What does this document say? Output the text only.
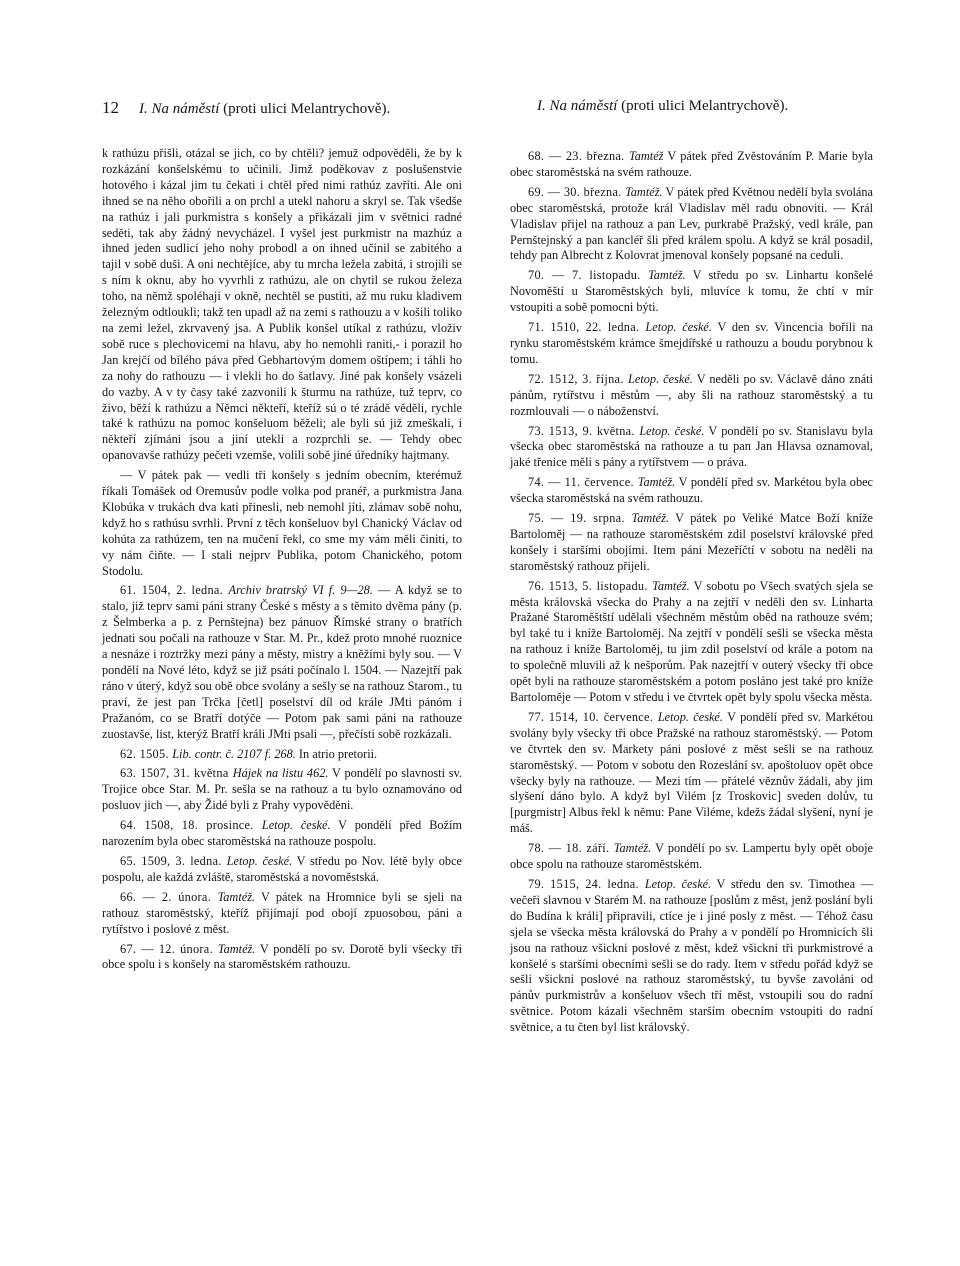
12 I. Na náměstí (proti ulici Melantrychově).	I. Na náměstí (proti ulici Melantrychově).

k rathúzu přišli, otázal se jich, co by chtěli? jemuž odpověděli, že by k rozkázání konšelskému to učinili. Jimž poděkovav z poslušenstvie hotového i kázal jim tu čekati i chtěl před nimi rathúz zavříti. Ale oni ihned se na něho obořili a on prchl a utekl nahoru a skryl se. Tak všedše na rathúz i jali purkmistra s konšely a přikázali jim v světnici radné seděti, tak aby žádný nevycházel. I vyšel jest purkmistr na mazhúz a ihned jeden sudlicí jeho nohy probodl a on ihned učinil se zabitého a tajil v sobě duši. A oni nechtějíce, aby tu mrcha ležela zabitá, i strojili se s ním k oknu, aby ho vyvrhli z rathúzu, ale on chytil se rukou železa toho, na němž spoléhají v okně, nechtěl se pustiti, až mu ruku kladivem železným odtloukli; takž ten upadl až na zemi s rathouzu a v košili toliko na zemi ležel, zkrvavený jsa. A Publik konšel utíkal z rathúzu, vloživ sobě ruce s plechovicemi na hlavu, aby ho nemohli raniti,- i porazil ho Jan krejčí od bílého páva před Gebhartovým domem oštípem; i táhli ho za nohy do rathouzu — i vlekli ho do šatlavy. Jiné pak konšely vsázeli do vazby. A v ty časy také zazvonili k šturmu na rathúze, tuž teprv, co živo, běží k rathúzu a Němci někteří, kteříž sú o té zrádě věděli, rychle také k rathúzu na pomoc konšeluom běželi; ale byli sú již zmeškali, i někteří zjímáni jsou a jiní utekli a rozprchli se. — Tehdy obec opanovavše rathúzy pečeti vzemše, volili sobě jiné úředníky hajtmany.

— V pátek pak — vedli tři konšely s jedním obecním, kterémuž říkali Tomášek od Oremusův podle volka pod pranéř, a purkmistra Jana Klobúka v trukách dva kati přinesli, neb nemohl jíti, zlámav sobě nohu, když ho s rathúsu svrhli. První z těch konšeluov byl Chanický Václav od kohúta za rathúzem, ten na mučení řekl, co sme my vám měli činiti, to vy nám čiňte. — I stali nejprv Publika, potom Chanického, potom Stodolu.

61. 1504, 2. ledna. Archiv bratrský VI f. 9—28. — A když se to stalo, již teprv sami páni strany České s městy a s těmito dvěma pány (p. z Šelmberka a p. z Pernštejna) bez pánuov Římské strany o bratřích jednati sou počali na rathouze v Star. M. Pr., kdež proto mnohé ruoznice a nesnáze i roztržky mezi pány a městy, mistry a kněžími byly sou. — V pondělí na Nové léto, když se již psáti počínalo l. 1504. — Nazejtří pak ráno v úterý, když sou obě obce svolány a sešly se na rathouz Starom., tu praví, že jest pan Trčka [četl] poselství díl od krále JMti pánóm i Pražanóm, co se Bratří dotýče — Potom pak sami páni na rathouze zuostavše, list, kterýž Bratří králi JMti psali —, přečísti sobě rozkázali.

62. 1505. Lib. contr. č. 2107 f. 268. In atrio pretorii.

63. 1507, 31. května Hájek na listu 462. V pondělí po slavnosti sv. Trojice obce Star. M. Pr. sešla se na rathouz a tu bylo oznamováno od posluov jich —, aby Židé byli z Prahy vypověděni.

64. 1508, 18. prosince. Letop. české. V pondělí před Božím narozením byla obec staroměstská na rathouze pospolu.

65. 1509, 3. ledna. Letop. české. V středu po Nov. létě byly obce pospolu, ale každá zvláště, staroměstská a novoměstská.

66. — 2. února. Tamtéž. V pátek na Hromnice byli se sjeli na rathouz staroměstský, kteříž přijímají pod obojí zpuosobou, páni a rytířstvo i poslové z měst.

67. — 12. února. Tamtéž. V pondělí po sv. Dorotě byli všecky tři obce spolu i s konšely na staroměstském rathouzu.

68. — 23. března. Tamtéž V pátek před Zvěstováním P. Marie byla obec staroměstská na svém rathouze.

69. — 30. března. Tamtéž. V pátek před Květnou nedělí byla svolána obec staroměstská, protože král Vladislav měl radu obnoviti. — Král Vladislav přijel na rathouz a pan Lev, purkrabě Pražský, vedl krále, pan Pernštejnský a pan kancléř šli před králem spolu. A když se král posadil, tehdy pan Albrecht z Kolovrat jmenoval konšely popsané na ceduli.

70. — 7. listopadu. Tamtéž. V středu po sv. Linhartu konšelé Novoměští u Staroměstských byli, mluvíce k tomu, že chtí v mír vstoupiti a sobě pomocni býti.

71. 1510, 22. ledna. Letop. české. V den sv. Vincencia bořili na rynku staroměstském krámce šmejdířské u rathouzu a boudu porybnou k tomu.

72. 1512, 3. října. Letop. české. V neděli po sv. Václavě dáno znáti pánům, rytířstvu i městům —, aby šli na rathouz staroměstský a tu rozmlouvali — o náboženství.

73. 1513, 9. května. Letop. české. V pondělí po sv. Stanislavu byla všecka obec staroměstská na rathouze a tu pan Jan Hlavsa oznamoval, jaké třenice měli s pány a rytířstvem — o práva.

74. — 11. července. Tamtéž. V pondělí před sv. Markétou byla obec všecka staroměstská na svém rathouzu.

75. — 19. srpna. Tamtéž. V pátek po Veliké Matce Boží kníže Bartoloměj — na rathouze staroměstském zdil poselství královské před konšely i staršími obojími. Item páni Mezeříčtí v sobotu na neděli na staroměstský rathouz přijeli.

76. 1513, 5. listopadu. Tamtéž. V sobotu po Všech svatých sjela se města královská všecka do Prahy a na zejtří v neděli den sv. Linharta Pražané Staroměštští udělali všechněm městům oběd na rathouze svém; byl také tu i kníže Bartoloměj. Na zejtří v pondělí sešli se všecka města na rathouz i kníže Bartoloměj, tu jim zdil poselství od krále a potom na to společně mluvili až k nešporům. Pak nazejtří v outerý všecky tři obce opět byli na rathouze staroměstském a potom posláno jest také pro kníže Bartoloměje — Potom v středu i ve čtvrtek opět byly spolu všecka města.

77. 1514, 10. července. Letop. české. V pondělí před sv. Markétou svolány byly všecky tři obce Pražské na rathouz staroměstský. — Potom ve čtvrtek den sv. Markety páni poslové z měst sešli se na rathouz staroměstský. — Potom v sobotu den Rozeslání sv. apoštoluov opět obce všecky byly na rathouze. — Mezi tím — přátelé věznův žádali, aby jim slyšení dáno bylo. A když byl Vilém [z Troskovic] sveden dolův, tu [purgmistr] Albus řekl k němu: Pane Viléme, kdežs žádal slyšení, nyní je máš.

78. — 18. září. Tamtéž. V pondělí po sv. Lampertu byly opět oboje obce spolu na rathouze staroměstském.

79. 1515, 24. ledna. Letop. české. V středu den sv. Timothea — večeři slavnou v Starém M. na rathouze [poslům z měst, jenž poslání byli do Budína k králi] připravili, ctíce je i jiné posly z měst. — Téhož času sjela se všecka města královská do Prahy a v pondělí po Hromnicích šli jsou na rathouz všickni poslové z měst, kdež všickni tři purkmistrové a konšelé s staršími obecními sešli se do rady. Item v středu pořád když se sešli všickni poslové na rathouz staroměstský, tu byvše zavoláni od pánův purkmistrův a konšeluov všech tří měst, vstoupili sou do radní světnice. Potom kázali všechněm starším obecním vstoupiti do radní světnice, a tu čten byl list královský.
